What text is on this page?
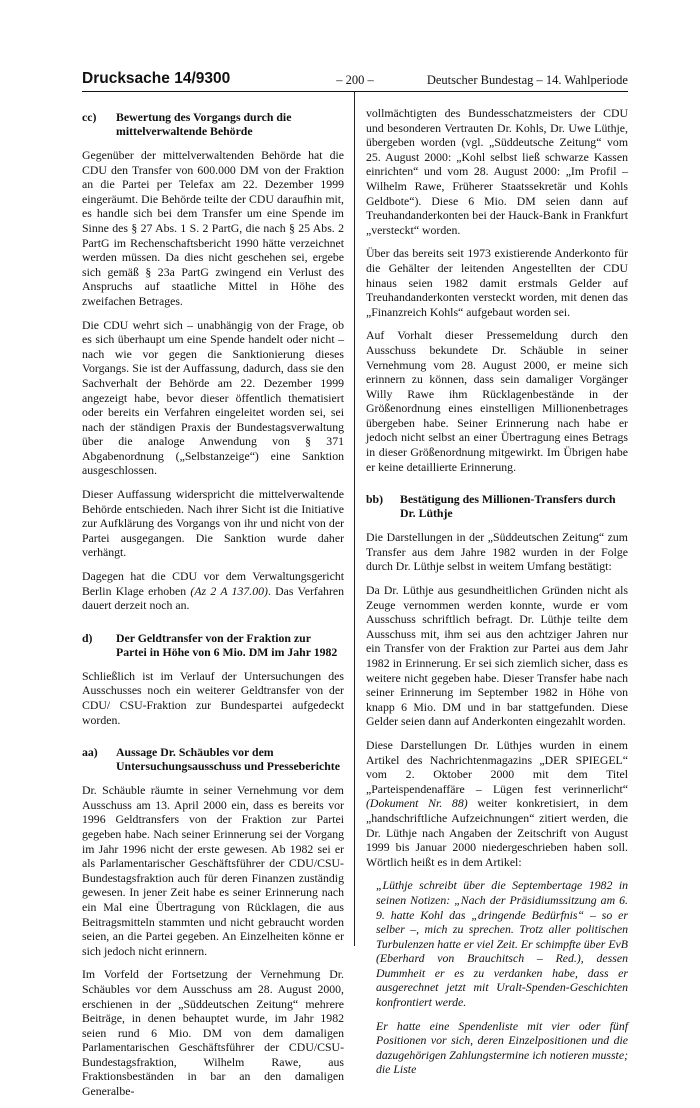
Drucksache 14/9300	– 200 –	Deutscher Bundestag – 14. Wahlperiode
cc)	Bewertung des Vorgangs durch die mittelverwaltende Behörde

Gegenüber der mittelverwaltenden Behörde hat die CDU den Transfer von 600.000 DM von der Fraktion an die Partei per Telefax am 22. Dezember 1999 eingeräumt. Die Behörde teilte der CDU daraufhin mit, es handle sich bei dem Transfer um eine Spende im Sinne des § 27 Abs. 1 S. 2 PartG, die nach § 25 Abs. 2 PartG im Rechenschaftsbericht 1990 hätte verzeichnet werden müssen. Da dies nicht geschehen sei, ergebe sich gemäß § 23a PartG zwingend ein Verlust des Anspruchs auf staatliche Mittel in Höhe des zweifachen Betrages.

Die CDU wehrt sich – unabhängig von der Frage, ob es sich überhaupt um eine Spende handelt oder nicht – nach wie vor gegen die Sanktionierung dieses Vorgangs. Sie ist der Auffassung, dadurch, dass sie den Sachverhalt der Behörde am 22. Dezember 1999 angezeigt habe, bevor dieser öffentlich thematisiert oder bereits ein Verfahren eingeleitet worden sei, sei nach der ständigen Praxis der Bundestagsverwaltung über die analoge Anwendung von § 371 Abgabenordnung („Selbstanzeige“) eine Sanktion ausgeschlossen.

Dieser Auffassung widerspricht die mittelverwaltende Behörde entschieden. Nach ihrer Sicht ist die Initiative zur Aufklärung des Vorgangs von ihr und nicht von der Partei ausgegangen. Die Sanktion wurde daher verhängt.

Dagegen hat die CDU vor dem Verwaltungsgericht Berlin Klage erhoben (Az 2 A 137.00). Das Verfahren dauert derzeit noch an.

d)	Der Geldtransfer von der Fraktion zur Partei in Höhe von 6 Mio. DM im Jahr 1982

Schließlich ist im Verlauf der Untersuchungen des Ausschusses noch ein weiterer Geldtransfer von der CDU/ CSU-Fraktion zur Bundespartei aufgedeckt worden.

aa)	Aussage Dr. Schäubles vor dem Untersuchungsausschuss und Presseberichte

Dr. Schäuble räumte in seiner Vernehmung vor dem Ausschuss am 13. April 2000 ein, dass es bereits vor 1996 Geldtransfers von der Fraktion zur Partei gegeben habe. Nach seiner Erinnerung sei der Vorgang im Jahr 1996 nicht der erste gewesen. Ab 1982 sei er als Parlamentarischer Geschäftsführer der CDU/CSU-Bundestagsfraktion auch für deren Finanzen zuständig gewesen. In jener Zeit habe es seiner Erinnerung nach ein Mal eine Übertragung von Rücklagen, die aus Beitragsmitteln stammten und nicht gebraucht worden seien, an die Partei gegeben. An Einzelheiten könne er sich jedoch nicht erinnern.

Im Vorfeld der Fortsetzung der Vernehmung Dr. Schäubles vor dem Ausschuss am 28. August 2000, erschienen in der „Süddeutschen Zeitung“ mehrere Beiträge, in denen behauptet wurde, im Jahr 1982 seien rund 6 Mio. DM von dem damaligen Parlamentarischen Geschäftsführer der CDU/CSU-Bundestagsfraktion, Wilhelm Rawe, aus Fraktionsbeständen in bar an den damaligen Generalbe-

vollmächtigten des Bundesschatzmeisters der CDU und besonderen Vertrauten Dr. Kohls, Dr. Uwe Lüthje, übergeben worden (vgl. „Süddeutsche Zeitung“ vom 25. August 2000: „Kohl selbst ließ schwarze Kassen einrichten“ und vom 28. August 2000: „Im Profil – Wilhelm Rawe, Früherer Staatssekretär und Kohls Geldbote“). Diese 6 Mio. DM seien dann auf Treuhandanderkonten bei der Hauck-Bank in Frankfurt „versteckt“ worden.

Über das bereits seit 1973 existierende Anderkonto für die Gehälter der leitenden Angestellten der CDU hinaus seien 1982 damit erstmals Gelder auf Treuhandanderkonten versteckt worden, mit denen das „Finanzreich Kohls“ aufgebaut worden sei.

Auf Vorhalt dieser Pressemeldung durch den Ausschuss bekundete Dr. Schäuble in seiner Vernehmung vom 28. August 2000, er meine sich erinnern zu können, dass sein damaliger Vorgänger Willy Rawe ihm Rücklagenbestände in der Größenordnung eines einstelligen Millionenbetrages übergeben habe. Seiner Erinnerung nach habe er jedoch nicht selbst an einer Übertragung eines Betrags in dieser Größenordnung mitgewirkt. Im Übrigen habe er keine detaillierte Erinnerung.

bb)	Bestätigung des Millionen-Transfers durch Dr. Lüthje

Die Darstellungen in der „Süddeutschen Zeitung“ zum Transfer aus dem Jahre 1982 wurden in der Folge durch Dr. Lüthje selbst in weitem Umfang bestätigt:

Da Dr. Lüthje aus gesundheitlichen Gründen nicht als Zeuge vernommen werden konnte, wurde er vom Ausschuss schriftlich befragt. Dr. Lüthje teilte dem Ausschuss mit, ihm sei aus den achtziger Jahren nur ein Transfer von der Fraktion zur Partei aus dem Jahr 1982 in Erinnerung. Er sei sich ziemlich sicher, dass es weitere nicht gegeben habe. Dieser Transfer habe nach seiner Erinnerung im September 1982 in Höhe von knapp 6 Mio. DM und in bar stattgefunden. Diese Gelder seien dann auf Anderkonten eingezahlt worden.

Diese Darstellungen Dr. Lüthjes wurden in einem Artikel des Nachrichtenmagazins „DER SPIEGEL“ vom 2. Oktober 2000 mit dem Titel „Parteispendenaffäre – Lügen fest verinnerlicht“ (Dokument Nr. 88) weiter konkretisiert, in dem „handschriftliche Aufzeichnungen“ zitiert werden, die Dr. Lüthje nach Angaben der Zeitschrift von August 1999 bis Januar 2000 niedergeschrieben haben soll. Wörtlich heißt es in dem Artikel:

„Lüthje schreibt über die Septembertage 1982 in seinen Notizen: „Nach der Präsidiumssitzung am 6. 9. hatte Kohl das „dringende Bedürfnis“ – so er selber –, mich zu sprechen. Trotz aller politischen Turbulenzen hatte er viel Zeit. Er schimpfte über EvB (Eberhard von Brauchitsch – Red.), dessen Dummheit er es zu verdanken habe, dass er ausgerechnet jetzt mit Uralt-Spenden-Geschichten konfrontiert werde.

Er hatte eine Spendenliste mit vier oder fünf Positionen vor sich, deren Einzelpositionen und die dazugehörigen Zahlungstermine ich notieren musste; die Liste
